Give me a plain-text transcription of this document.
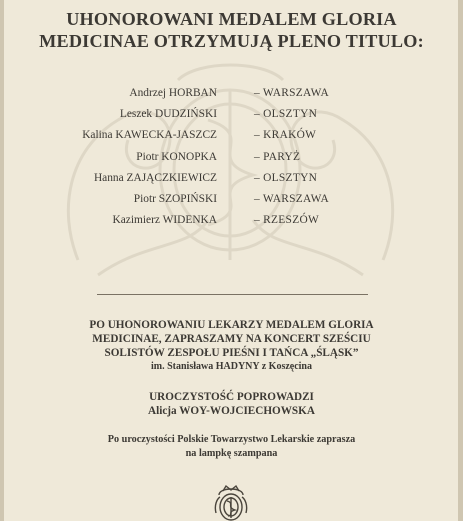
UHONOROWANI MEDALEM GLORIA
MEDICINAE OTRZYMUJĄ PLENO TITULO:
Andrzej HORBAN	– WARSZAWA
Leszek DUDZIŃSKI	– OLSZTYN
Kalina KAWECKA-JASZCZ	– KRAKÓW
Piotr KONOPKA	– PARYŻ
Hanna ZAJĄCZKIEWICZ	– OLSZTYN
Piotr SZOPIŃSKI	– WARSZAWA
Kazimierz WIDENKA	– RZESZÓW
PO UHONOROWANIU LEKARZY MEDALEM GLORIA
MEDICINAE, ZAPRASZAMY NA KONCERT SZEŚCIU
SOLISTÓW ZESPOŁU PIEŚNI I TAŃCA „ŚLĄSK”
im. Stanisława HADYNY z Koszęcina
UROCZYSTOŚĆ POPROWADZI
Alicja WOY-WOJCIECHOWSKA
Po uroczystości Polskie Towarzystwo Lekarskie zaprasza
na lampkę szampana
